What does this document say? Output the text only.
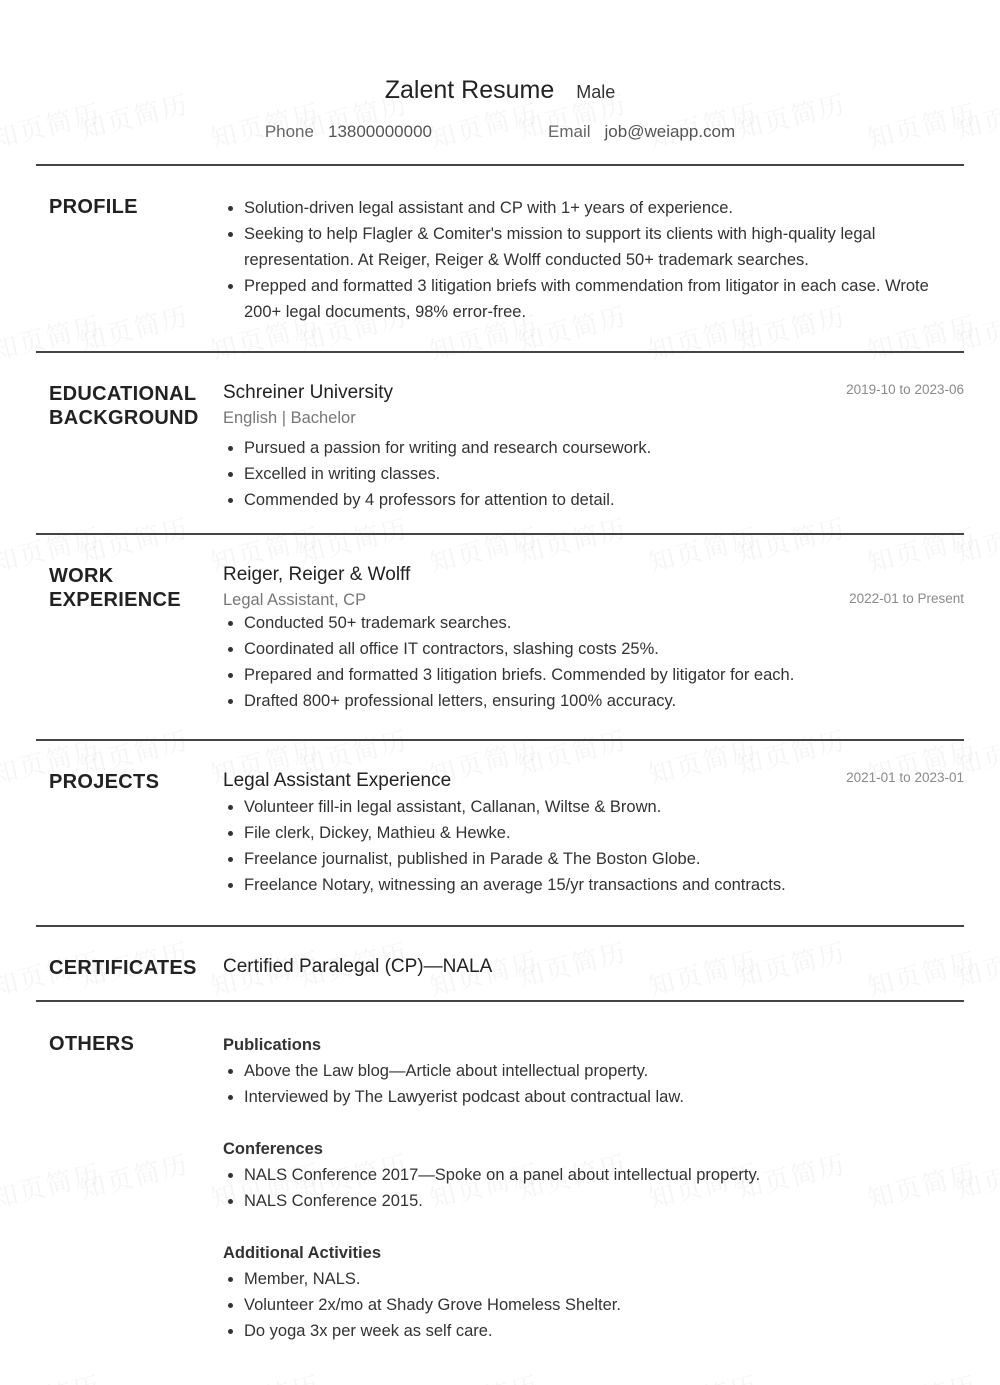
Zalent Resume Male
Phone 13800000000	Email job@weiapp.com
PROFILE	Solution-driven legal assistant and CP with 1+ years of experience.
Seeking to help Flagler & Comiter's mission to support its clients with high-quality legal representation. At Reiger, Reiger & Wolff conducted 50+ trademark searches.
Prepped and formatted 3 litigation briefs with commendation from litigator in each case. Wrote 200+ legal documents, 98% error-free.
EDUCATIONAL
BACKGROUND
Schreiner University	2019-10 to 2023-06
English | Bachelor
Pursued a passion for writing and research coursework.
Excelled in writing classes.
Commended by 4 professors for attention to detail.
WORK
EXPERIENCE
Reiger, Reiger & Wolff
Legal Assistant, CP	2022-01 to Present
Conducted 50+ trademark searches.
Coordinated all office IT contractors, slashing costs 25%.
Prepared and formatted 3 litigation briefs. Commended by litigator for each.
Drafted 800+ professional letters, ensuring 100% accuracy.
PROJECTS	Legal Assistant Experience	2021-01 to 2023-01
Volunteer fill-in legal assistant, Callanan, Wiltse & Brown.
File clerk, Dickey, Mathieu & Hewke.
Freelance journalist, published in Parade & The Boston Globe.
Freelance Notary, witnessing an average 15/yr transactions and contracts.
CERTIFICATES Certified Paralegal (CP)—NALA
OTHERS	Publications
Above the Law blog—Article about intellectual property.
Interviewed by The Lawyerist podcast about contractual law.
Conferences
NALS Conference 2017—Spoke on a panel about intellectual property.
NALS Conference 2015.
Additional Activities
Member, NALS.
Volunteer 2x/mo at Shady Grove Homeless Shelter.
Do yoga 3x per week as self care.
